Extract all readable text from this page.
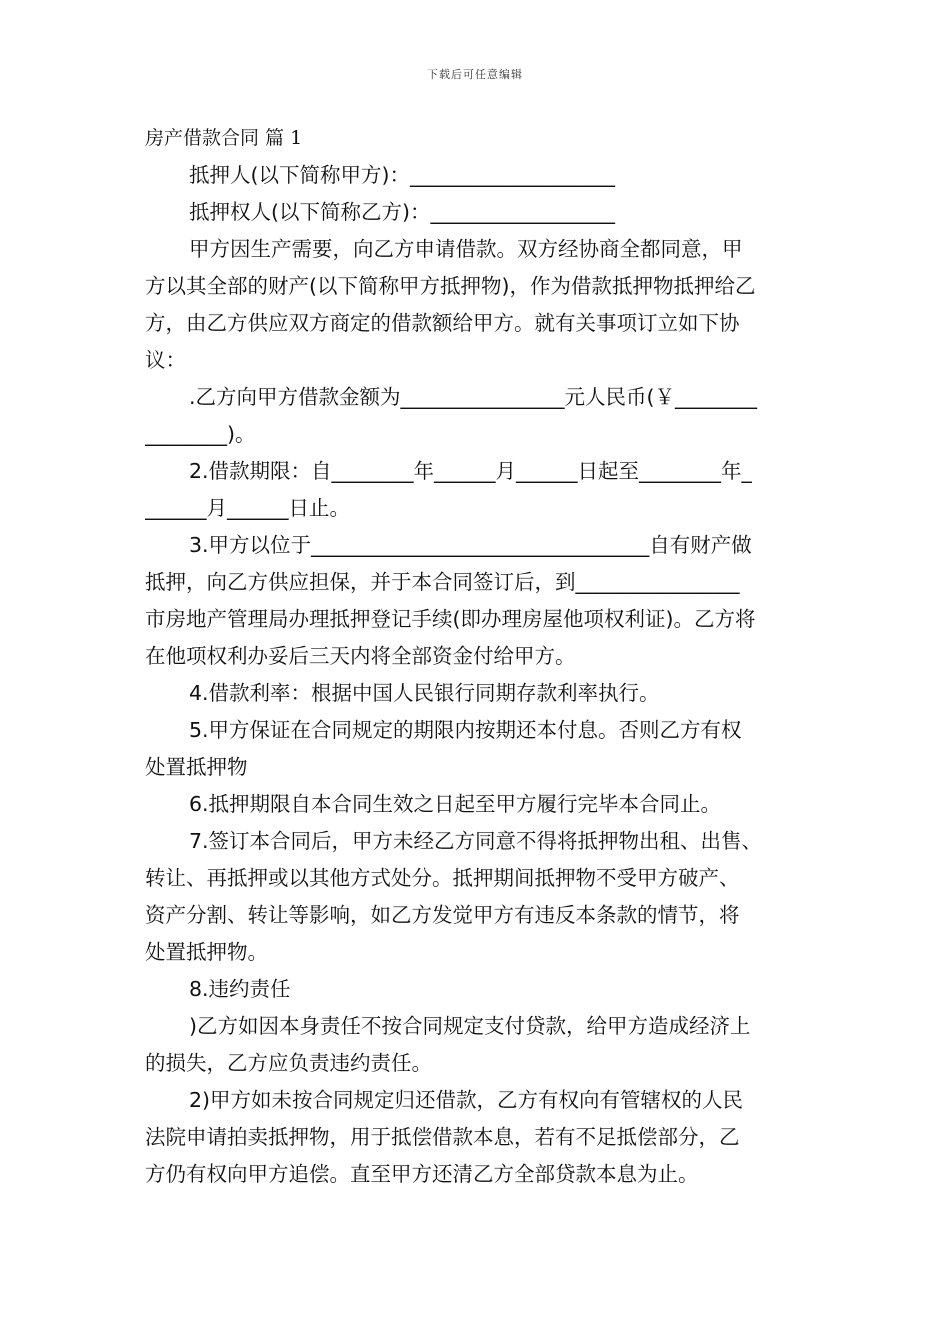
下载后可任意编辑
房产借款合同 篇 1
抵押人(以下简称甲方)：____________________
抵押权人(以下简称乙方)：__________________
甲方因生产需要，向乙方申请借款。双方经协商全都同意，甲
方以其全部的财产(以下简称甲方抵押物)，作为借款抵押物抵押给乙
方，由乙方供应双方商定的借款额给甲方。就有关事项订立如下协
议：
.乙方向甲方借款金额为________________元人民币(￥________
________)。
2.借款期限：自________年______月______日起至________年_
______月______日止。
3.甲方以位于_________________________________自有财产做
抵押，向乙方供应担保，并于本合同签订后，到________________
市房地产管理局办理抵押登记手续(即办理房屋他项权利证)。乙方将
在他项权利办妥后三天内将全部资金付给甲方。
4.借款利率：根据中国人民银行同期存款利率执行。
5.甲方保证在合同规定的期限内按期还本付息。否则乙方有权
处置抵押物
6.抵押期限自本合同生效之日起至甲方履行完毕本合同止。
7.签订本合同后，甲方未经乙方同意不得将抵押物出租、出售、
转让、再抵押或以其他方式处分。抵押期间抵押物不受甲方破产、
资产分割、转让等影响，如乙方发觉甲方有违反本条款的情节，将
处置抵押物。
8.违约责任
)乙方如因本身责任不按合同规定支付贷款，给甲方造成经济上
的损失，乙方应负责违约责任。
2)甲方如未按合同规定归还借款，乙方有权向有管辖权的人民
法院申请拍卖抵押物，用于抵偿借款本息，若有不足抵偿部分，乙
方仍有权向甲方追偿。直至甲方还清乙方全部贷款本息为止。
